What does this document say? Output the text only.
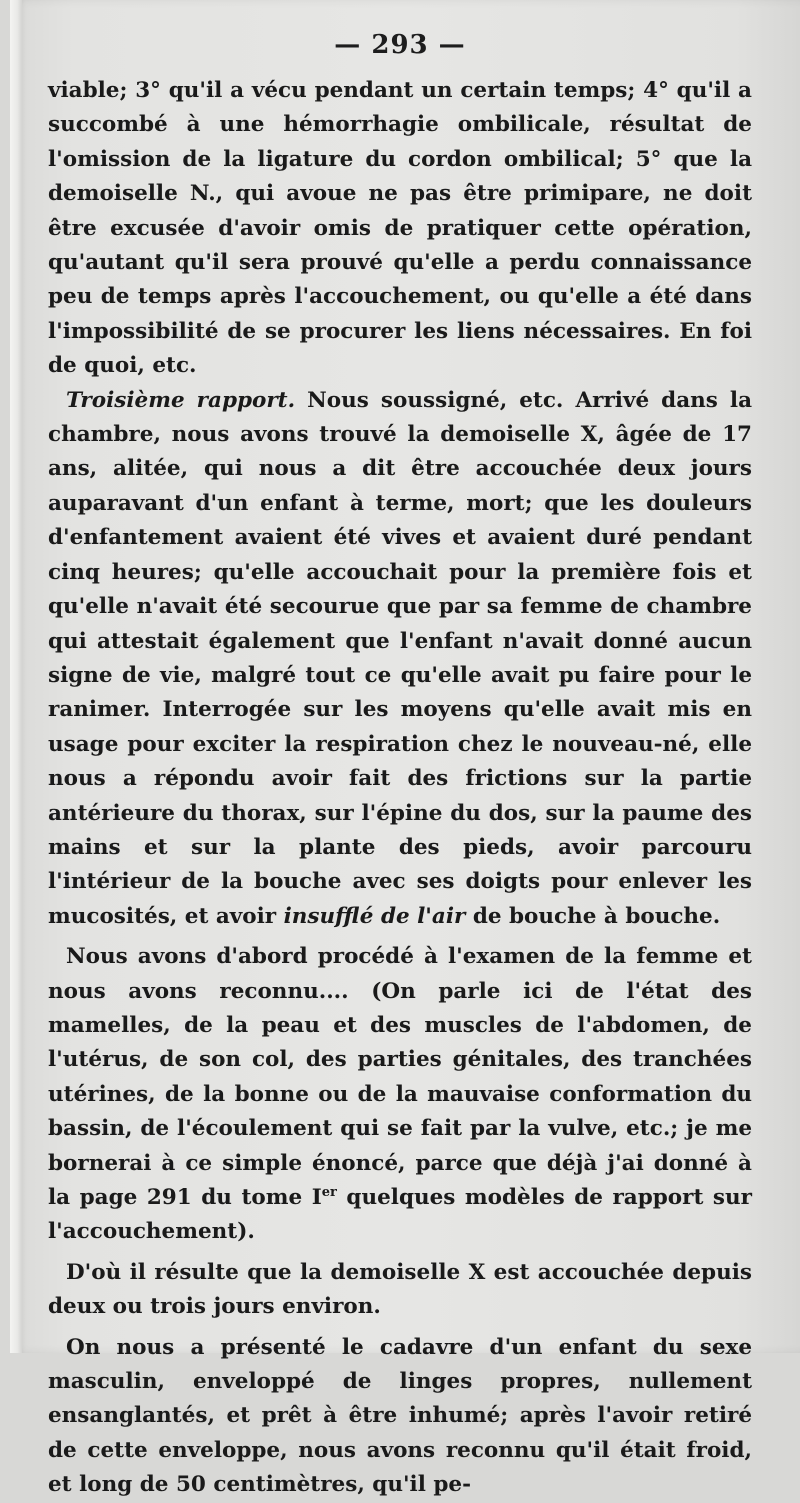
— 293 —

viable; 3° qu'il a vécu pendant un certain temps; 4° qu'il a succombé à une hémorrhagie ombilicale, résultat de l'omission de la ligature du cordon ombilical; 5° que la demoiselle N., qui avoue ne pas être primipare, ne doit être excusée d'avoir omis de pratiquer cette opération, qu'autant qu'il sera prouvé qu'elle a perdu connaissance peu de temps après l'accouchement, ou qu'elle a été dans l'impossibilité de se procurer les liens nécessaires. En foi de quoi, etc.

Troisième rapport. Nous soussigné, etc. Arrivé dans la chambre, nous avons trouvé la demoiselle X, âgée de 17 ans, alitée, qui nous a dit être accouchée deux jours auparavant d'un enfant à terme, mort; que les douleurs d'enfantement avaient été vives et avaient duré pendant cinq heures; qu'elle accouchait pour la première fois et qu'elle n'avait été secourue que par sa femme de chambre qui attestait également que l'enfant n'avait donné aucun signe de vie, malgré tout ce qu'elle avait pu faire pour le ranimer. Interrogée sur les moyens qu'elle avait mis en usage pour exciter la respiration chez le nouveau-né, elle nous a répondu avoir fait des frictions sur la partie antérieure du thorax, sur l'épine du dos, sur la paume des mains et sur la plante des pieds, avoir parcouru l'intérieur de la bouche avec ses doigts pour enlever les mucosités, et avoir insufflé de l'air de bouche à bouche.

Nous avons d'abord procédé à l'examen de la femme et nous avons reconnu.... (On parle ici de l'état des mamelles, de la peau et des muscles de l'abdomen, de l'utérus, de son col, des parties génitales, des tranchées utérines, de la bonne ou de la mauvaise conformation du bassin, de l'écoulement qui se fait par la vulve, etc.; je me bornerai à ce simple énoncé, parce que déjà j'ai donné à la page 291 du tome Ier quelques modèles de rapport sur l'accouchement).

D'où il résulte que la demoiselle X est accouchée depuis deux ou trois jours environ.

On nous a présenté le cadavre d'un enfant du sexe masculin, enveloppé de linges propres, nullement ensanglantés, et prêt à être inhumé; après l'avoir retiré de cette enveloppe, nous avons reconnu qu'il était froid, et long de 50 centimètres, qu'il pe-
